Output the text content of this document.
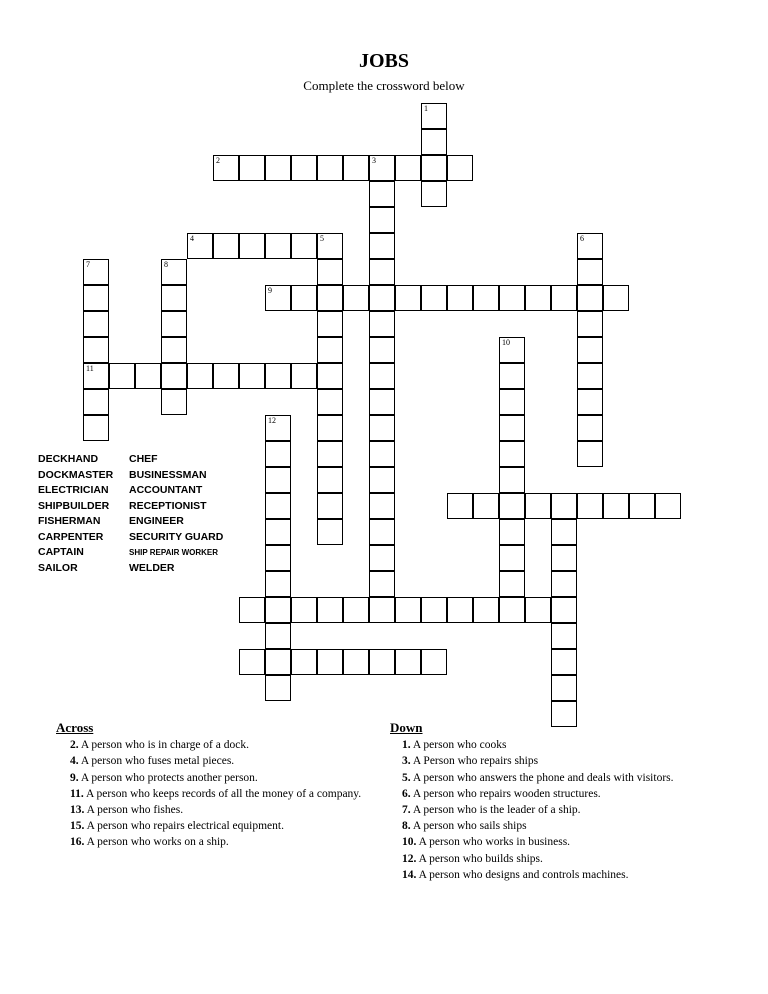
JOBS
Complete the crossword below
1
2	3
4	5	6
7
11
8
9
10
12
DECKHAND
DOCKMASTER
ELECTRICIAN
SHIPBUILDER
FISHERMAN
CARPENTER
CAPTAIN
SAILOR
CHEF
BUSINESSMAN
ACCOUNTANT
RECEPTIONIST
ENGINEER
SECURITY GUARD
SHIP REPAIR WORKER
WELDER
Across
2. A person who is in charge of a dock.
4. A person who fuses metal pieces.
9. A person who protects another person.
11. A person who keeps records of all the money of a company.
13. A person who fishes.
15. A person who repairs electrical equipment.
16. A person who works on a ship.
Down
1. A person who cooks
3. A Person who repairs ships
5. A person who answers the phone and deals with visitors.
6. A person who repairs wooden structures.
7. A person who is the leader of a ship.
8. A person who sails ships
10. A person who works in business.
12. A person who builds ships.
14. A person who designs and controls machines.
